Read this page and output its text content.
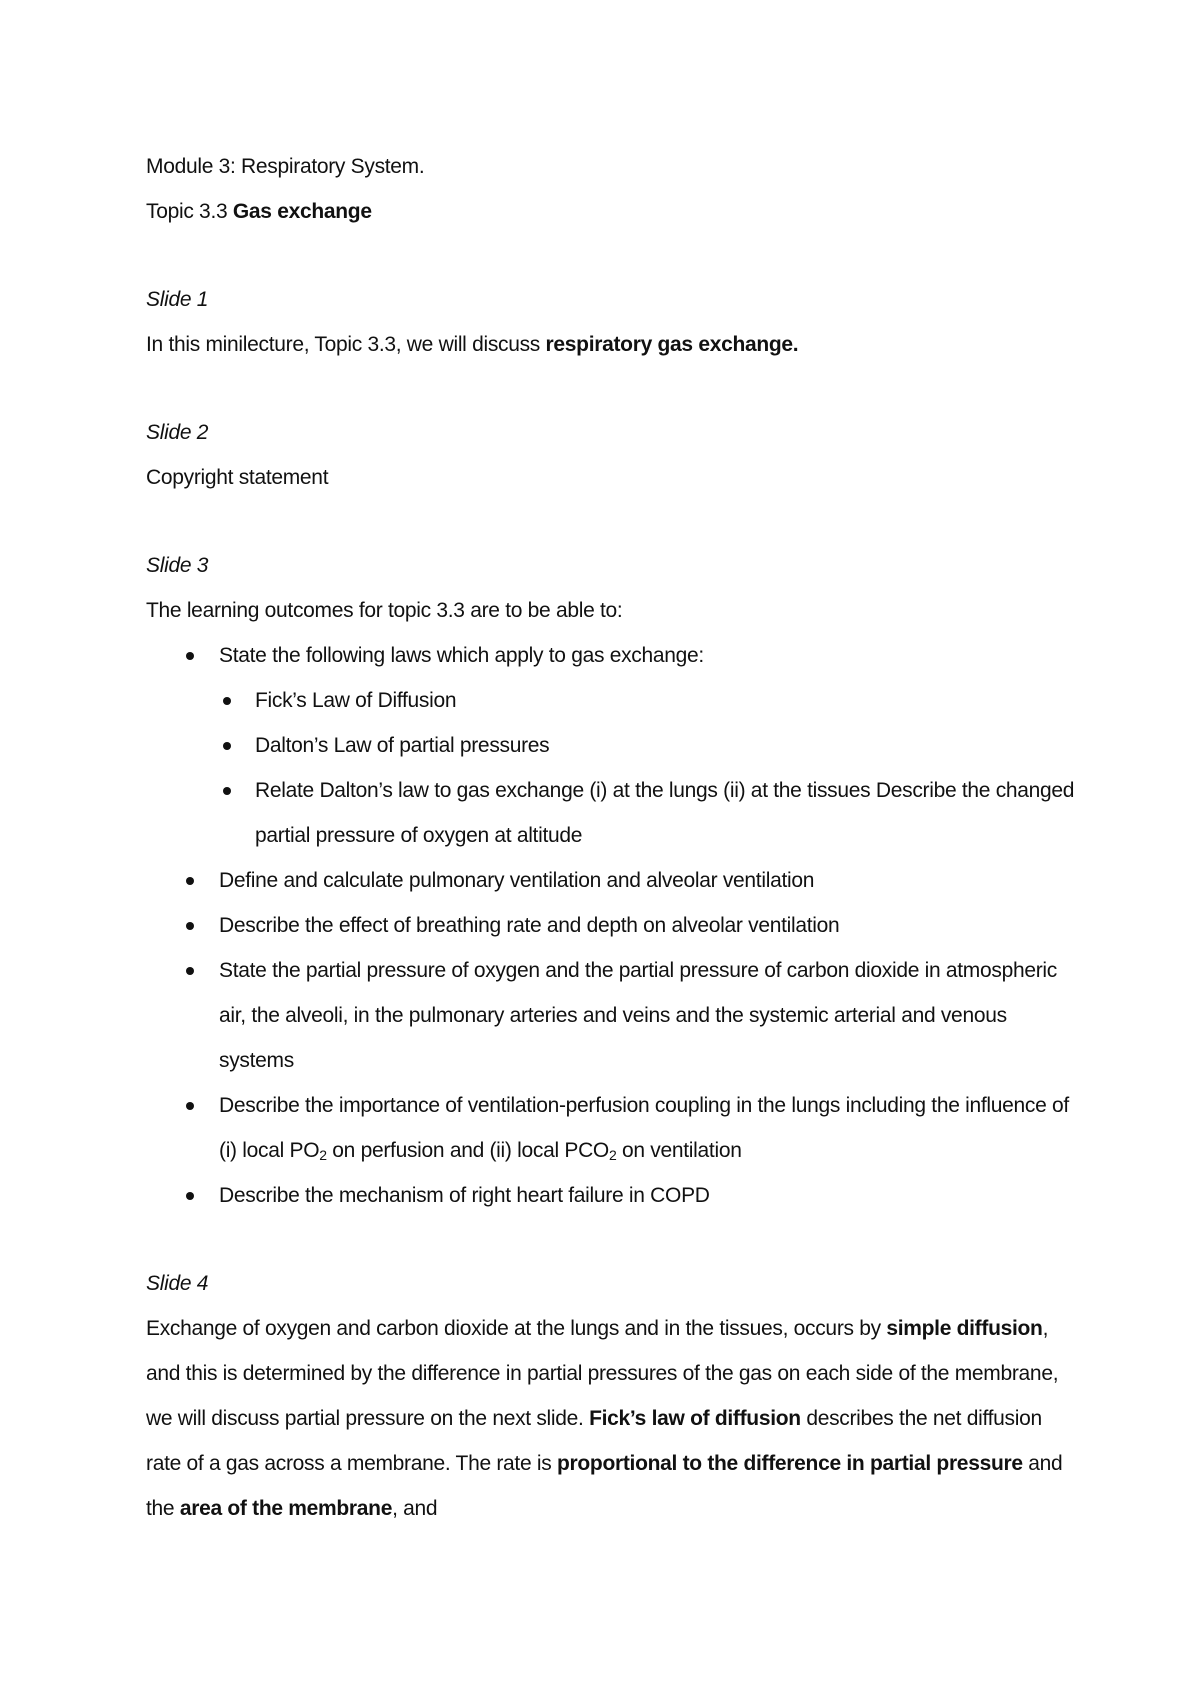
Module 3: Respiratory System.

Topic 3.3 Gas exchange

Slide 1

In this minilecture, Topic 3.3, we will discuss respiratory gas exchange.

Slide 2

Copyright statement

Slide 3

The learning outcomes for topic 3.3 are to be able to:

State the following laws which apply to gas exchange:
Fick’s Law of Diffusion
Dalton’s Law of partial pressures
Relate Dalton’s law to gas exchange (i) at the lungs (ii) at the tissues Describe the changed partial pressure of oxygen at altitude
Define and calculate pulmonary ventilation and alveolar ventilation
Describe the effect of breathing rate and depth on alveolar ventilation
State the partial pressure of oxygen and the partial pressure of carbon dioxide in atmospheric air, the alveoli, in the pulmonary arteries and veins and the systemic arterial and venous systems
Describe the importance of ventilation-perfusion coupling in the lungs including the influence of (i) local $PO_2$ on perfusion and (ii) local $PCO_2$ on ventilation
Describe the mechanism of right heart failure in COPD

Slide 4

Exchange of oxygen and carbon dioxide at the lungs and in the tissues, occurs by simple diffusion, and this is determined by the difference in partial pressures of the gas on each side of the membrane, we will discuss partial pressure on the next slide. Fick’s law of diffusion describes the net diffusion rate of a gas across a membrane. The rate is proportional to the difference in partial pressure and the area of the membrane, and
